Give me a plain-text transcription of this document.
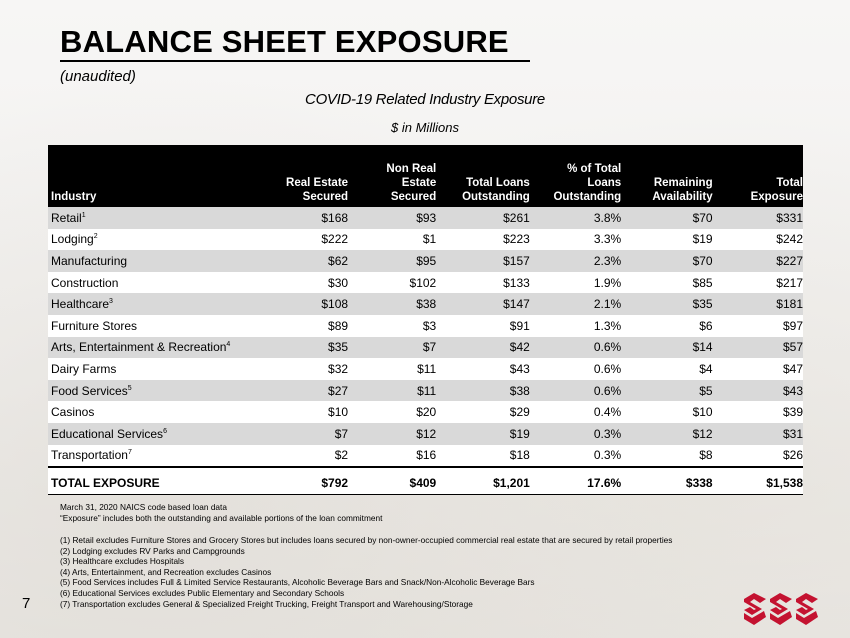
BALANCE SHEET EXPOSURE
(unaudited)
COVID-19 Related Industry Exposure
$ in Millions
Industry	Real Estate Secured	Non Real Estate Secured	Total Loans Outstanding	% of Total Loans Outstanding	Remaining Availability	Total Exposure

Retail$^1$	$168	$93	$261	3.8%	$70	$331
Lodging$^2$	$222	$1	$223	3.3%	$19	$242
Manufacturing	$62	$95	$157	2.3%	$70	$227
Construction	$30	$102	$133	1.9%	$85	$217
Healthcare$^3$	$108	$38	$147	2.1%	$35	$181
Furniture Stores	$89	$3	$91	1.3%	$6	$97
Arts, Entertainment & Recreation$^4$	$35	$7	$42	0.6%	$14	$57
Dairy Farms	$32	$11	$43	0.6%	$4	$47
Food Services$^5$	$27	$11	$38	0.6%	$5	$43
Casinos	$10	$20	$29	0.4%	$10	$39
Educational Services$^6$	$7	$12	$19	0.3%	$12	$31
Transportation$^7$	$2	$16	$18	0.3%	$8	$26

TOTAL EXPOSURE	$792	$409	$1,201	17.6%	$338	$1,538
March 31, 2020 NAICS code based loan data
“Exposure” includes both the outstanding and available portions of the loan commitment
(1) Retail excludes Furniture Stores and Grocery Stores but includes loans secured by non-owner-occupied commercial real estate that are secured by retail properties
(2) Lodging excludes RV Parks and Campgrounds
(3) Healthcare excludes Hospitals
(4) Arts, Entertainment, and Recreation excludes Casinos
(5) Food Services includes Full & Limited Service Restaurants, Alcoholic Beverage Bars and Snack/Non-Alcoholic Beverage Bars
(6) Educational Services excludes Public Elementary and Secondary Schools
(7) Transportation excludes General & Specialized Freight Trucking, Freight Transport and Warehousing/Storage
7
